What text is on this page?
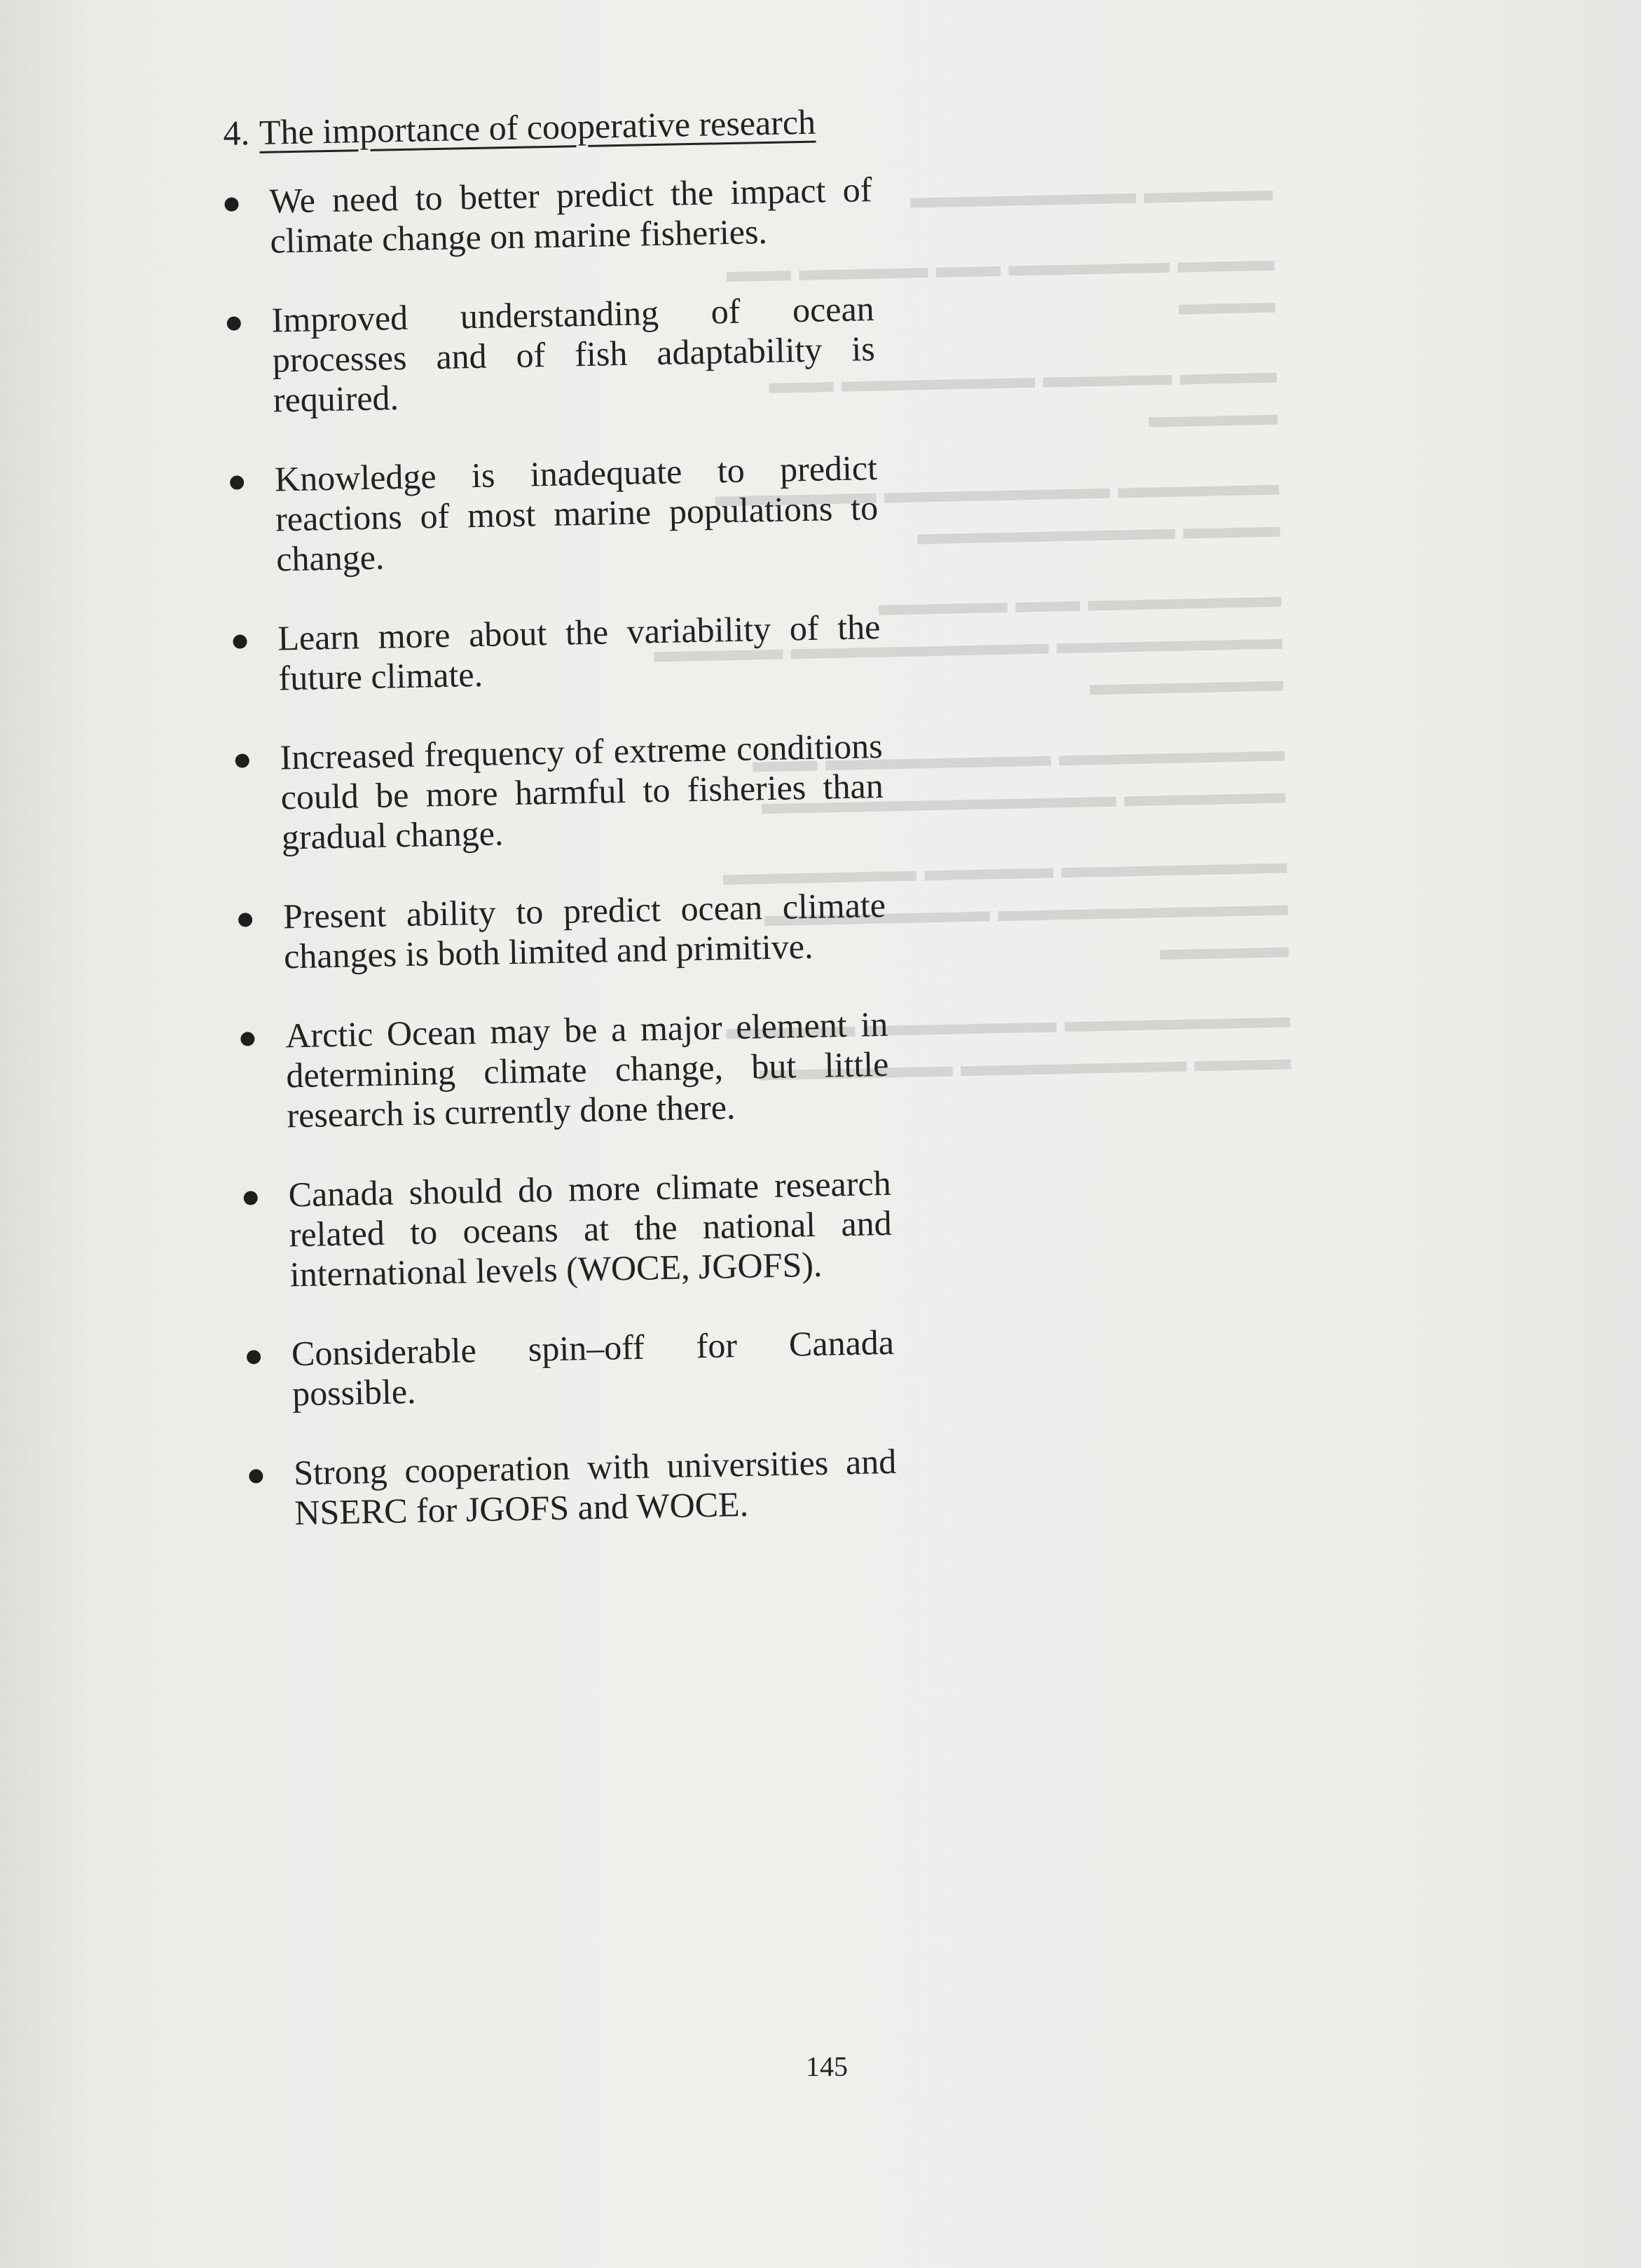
▬▬▬▬ ▬▬▬▬▬▬▬

▬▬▬ ▬▬▬▬▬ ▬▬ ▬▬▬▬ ▬▬ ▬▬▬

▬▬▬ ▬▬▬▬ ▬▬▬▬▬▬ ▬▬ ▬▬▬▬

▬▬▬▬▬ ▬▬▬▬▬▬▬ ▬▬▬▬▬ ▬▬▬ ▬▬▬▬▬▬▬▬

▬▬▬▬▬▬ ▬▬ ▬▬▬▬ ▬▬▬▬▬▬▬ ▬▬▬▬▬▬▬▬ ▬▬▬▬ ▬▬▬▬▬▬

▬▬▬▬▬▬▬ ▬▬▬▬▬▬▬ ▬▬ ▬▬▬▬▬ ▬▬▬▬▬▬▬▬▬▬▬

▬▬▬▬▬▬▬ ▬▬▬▬ ▬▬▬▬▬▬ ▬▬▬▬▬▬▬▬▬ ▬▬▬▬▬▬▬ ▬▬▬▬

▬▬▬▬▬▬▬ ▬▬▬▬▬▬ ▬▬▬▬ ▬▬▬ ▬▬▬▬▬▬▬ ▬▬▬▬▬▬

4. The importance of cooperative research
We need to better predict the impact of climate change on marine fisheries.
Improved understanding of ocean processes and of fish adaptability is required.
Knowledge is inadequate to predict reactions of most marine populations to change.
Learn more about the variability of the future climate.
Increased frequency of extreme conditions could be more harmful to fisheries than gradual change.
Present ability to predict ocean climate changes is both limited and primitive.
Arctic Ocean may be a major element in determining climate change, but little research is currently done there.
Canada should do more climate research related to oceans at the national and international levels (WOCE, JGOFS).
Considerable spin–off for Canada possible.
Strong cooperation with universities and NSERC for JGOFS and WOCE.
145
